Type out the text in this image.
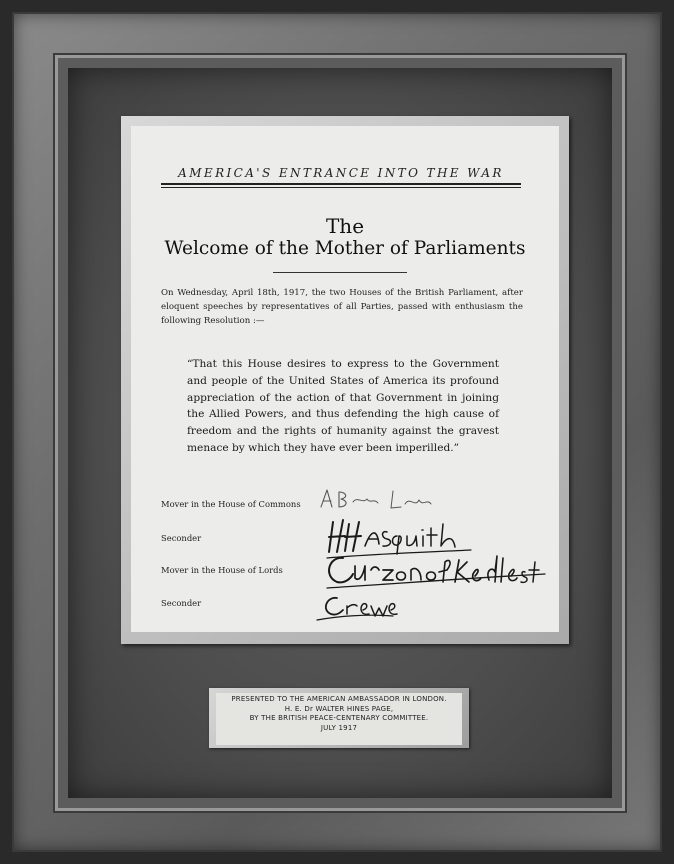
AMERICA'S ENTRANCE INTO THE WAR
The
Welcome of the Mother of Parliaments
On Wednesday, April 18th, 1917, the two Houses of the British Parliament, after eloquent speeches by representatives of all Parties, passed with enthusiasm the following Resolution :—
“That this House desires to express to the Government and people of the United States of America its profound appreciation of the action of that Government in joining the Allied Powers, and thus defending the high cause of freedom and the rights of humanity against the gravest menace by which they have ever been imperilled.”
Mover in the House of Commons
Seconder
Mover in the House of Lords
Seconder
PRESENTED TO THE AMERICAN AMBASSADOR IN LONDON.
H. E. Dr WALTER HINES PAGE,
BY THE BRITISH PEACE-CENTENARY COMMITTEE.
JULY 1917
